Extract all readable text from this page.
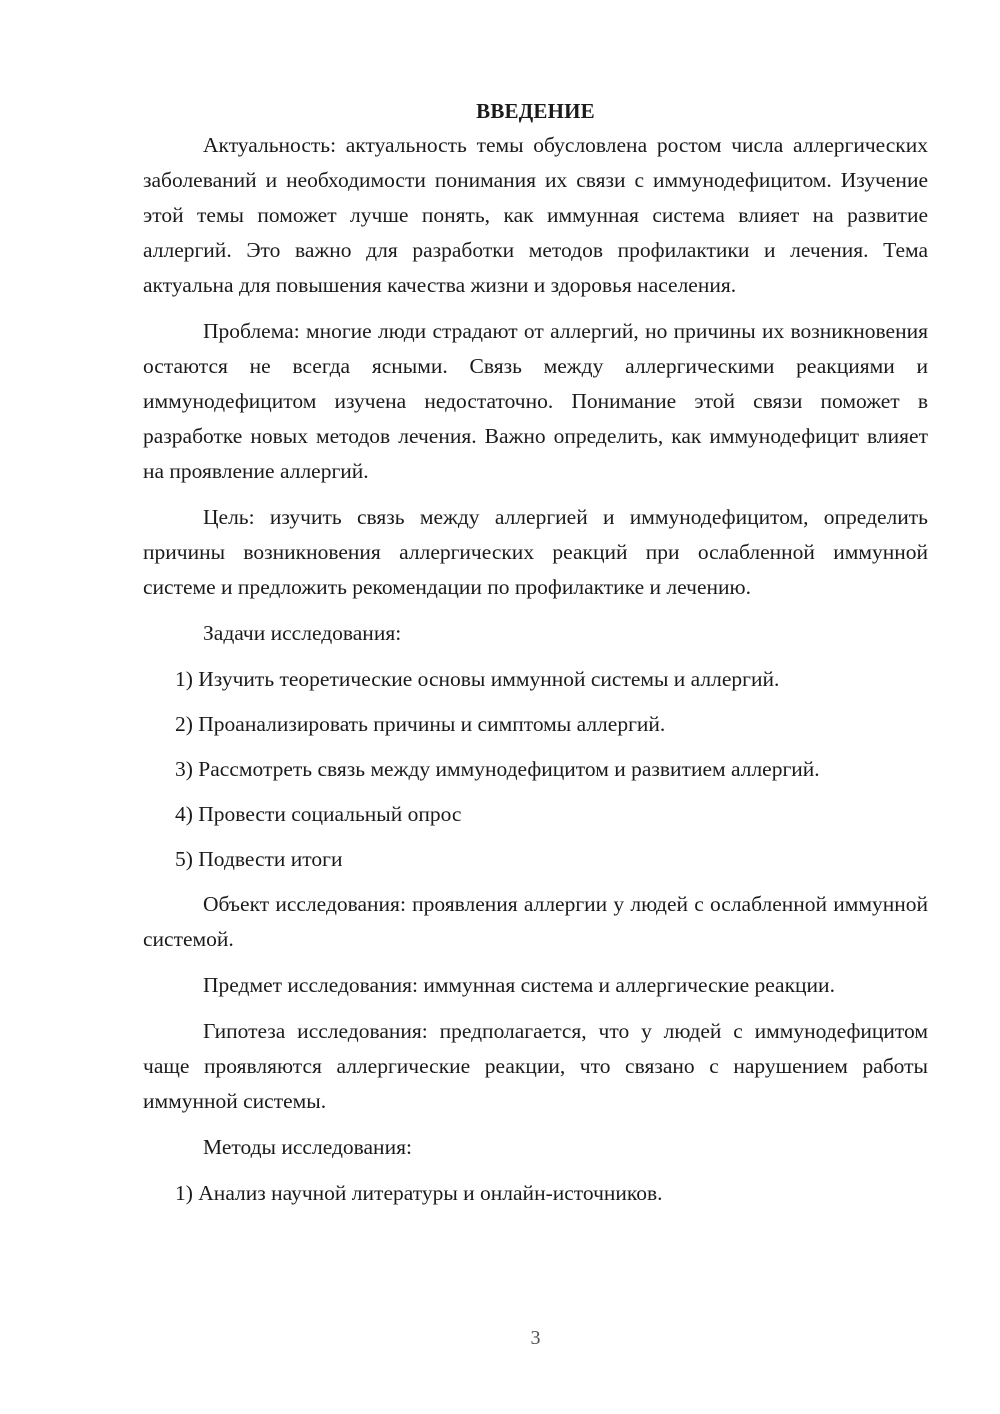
ВВЕДЕНИЕ

Актуальность: актуальность темы обусловлена ростом числа аллергических заболеваний и необходимости понимания их связи с иммунодефицитом. Изучение этой темы поможет лучше понять, как иммунная система влияет на развитие аллергий. Это важно для разработки методов профилактики и лечения. Тема актуальна для повышения качества жизни и здоровья населения.

Проблема: многие люди страдают от аллергий, но причины их возникновения остаются не всегда ясными. Связь между аллергическими реакциями и иммунодефицитом изучена недостаточно. Понимание этой связи поможет в разработке новых методов лечения. Важно определить, как иммунодефицит влияет на проявление аллергий.

Цель: изучить связь между аллергией и иммунодефицитом, определить причины возникновения аллергических реакций при ослабленной иммунной системе и предложить рекомендации по профилактике и лечению.

Задачи исследования:

1) Изучить теоретические основы иммунной системы и аллергий.

2) Проанализировать причины и симптомы аллергий.

3) Рассмотреть связь между иммунодефицитом и развитием аллергий.

4) Провести социальный опрос

5) Подвести итоги

Объект исследования: проявления аллергии у людей с ослабленной иммунной системой.

Предмет исследования: иммунная система и аллергические реакции.

Гипотеза исследования: предполагается, что у людей с иммунодефицитом чаще проявляются аллергические реакции, что связано с нарушением работы иммунной системы.

Методы исследования:

1) Анализ научной литературы и онлайн-источников.

3
